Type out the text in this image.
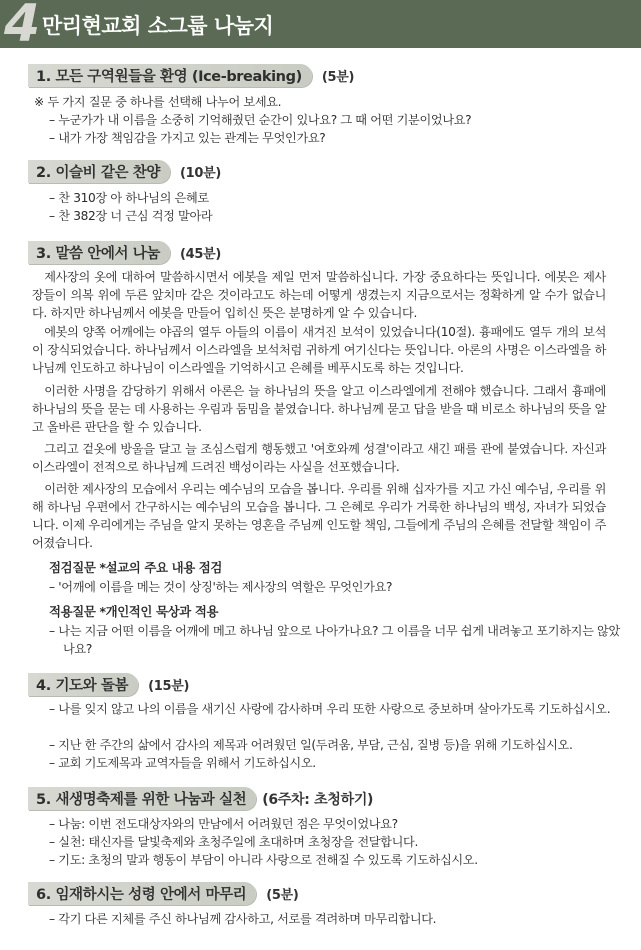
4 만리현교회 소그룹 나눔지
1. 모든 구역원들을 환영 (Ice-breaking)	(5분)
※ 두 가지 질문 중 하나를 선택해 나누어 보세요.
– 누군가가 내 이름을 소중히 기억해줬던 순간이 있나요? 그 때 어떤 기분이었나요?
– 내가 가장 책임감을 가지고 있는 관계는 무엇인가요?
2. 이슬비 같은 찬양	(10분)
– 찬 310장 아 하나님의 은혜로
– 찬 382장 너 근심 걱정 말아라
3. 말씀 안에서 나눔	(45분)
제사장의 옷에 대하여 말씀하시면서 에봇을 제일 먼저 말씀하십니다. 가장 중요하다는 뜻입니다. 에봇은 제사장들이 의복 위에 두른 앞치마 같은 것이라고도 하는데 어떻게 생겼는지 지금으로서는 정확하게 알 수가 없습니다. 하지만 하나님께서 에봇을 만들어 입히신 뜻은 분명하게 알 수 있습니다.
에봇의 양쪽 어깨에는 야곱의 열두 아들의 이름이 새겨진 보석이 있었습니다(10절). 흉패에도 열두 개의 보석이 장식되었습니다. 하나님께서 이스라엘을 보석처럼 귀하게 여기신다는 뜻입니다. 아론의 사명은 이스라엘을 하나님께 인도하고 하나님이 이스라엘을 기억하시고 은혜를 베푸시도록 하는 것입니다.
이러한 사명을 감당하기 위해서 아론은 늘 하나님의 뜻을 알고 이스라엘에게 전해야 했습니다. 그래서 흉패에 하나님의 뜻을 묻는 데 사용하는 우림과 둠밈을 붙였습니다. 하나님께 묻고 답을 받을 때 비로소 하나님의 뜻을 알고 올바른 판단을 할 수 있습니다.
그리고 겉옷에 방울을 달고 늘 조심스럽게 행동했고 '여호와께 성결'이라고 새긴 패를 관에 붙였습니다. 자신과 이스라엘이 전적으로 하나님께 드려진 백성이라는 사실을 선포했습니다.
이러한 제사장의 모습에서 우리는 예수님의 모습을 봅니다. 우리를 위해 십자가를 지고 가신 예수님, 우리를 위해 하나님 우편에서 간구하시는 예수님의 모습을 봅니다. 그 은혜로 우리가 거룩한 하나님의 백성, 자녀가 되었습니다. 이제 우리에게는 주님을 알지 못하는 영혼을 주님께 인도할 책임, 그들에게 주님의 은혜를 전달할 책임이 주어졌습니다.
점검질문 *설교의 주요 내용 점검
– '어깨에 이름을 메는 것이 상징'하는 제사장의 역할은 무엇인가요?
적용질문 *개인적인 묵상과 적용
– 나는 지금 어떤 이름을 어깨에 메고 하나님 앞으로 나아가나요? 그 이름을 너무 쉽게 내려놓고 포기하지는 않았나요?
4. 기도와 돌봄	(15분)
– 나를 잊지 않고 나의 이름을 새기신 사랑에 감사하며 우리 또한 사랑으로 중보하며 살아가도록 기도하십시오.
– 지난 한 주간의 삶에서 감사의 제목과 어려웠던 일(두려움, 부담, 근심, 질병 등)을 위해 기도하십시오.
– 교회 기도제목과 교역자들을 위해서 기도하십시오.
5. 새생명축제를 위한 나눔과 실천	(6주차: 초청하기)
– 나눔: 이번 전도대상자와의 만남에서 어려웠던 점은 무엇이었나요?
– 실천: 태신자를 달빛축제와 초청주일에 초대하며 초청장을 전달합니다.
– 기도: 초청의 말과 행동이 부담이 아니라 사랑으로 전해질 수 있도록 기도하십시오.
6. 임재하시는 성령 안에서 마무리	(5분)
– 각기 다른 지체를 주신 하나님께 감사하고, 서로를 격려하며 마무리합니다.
